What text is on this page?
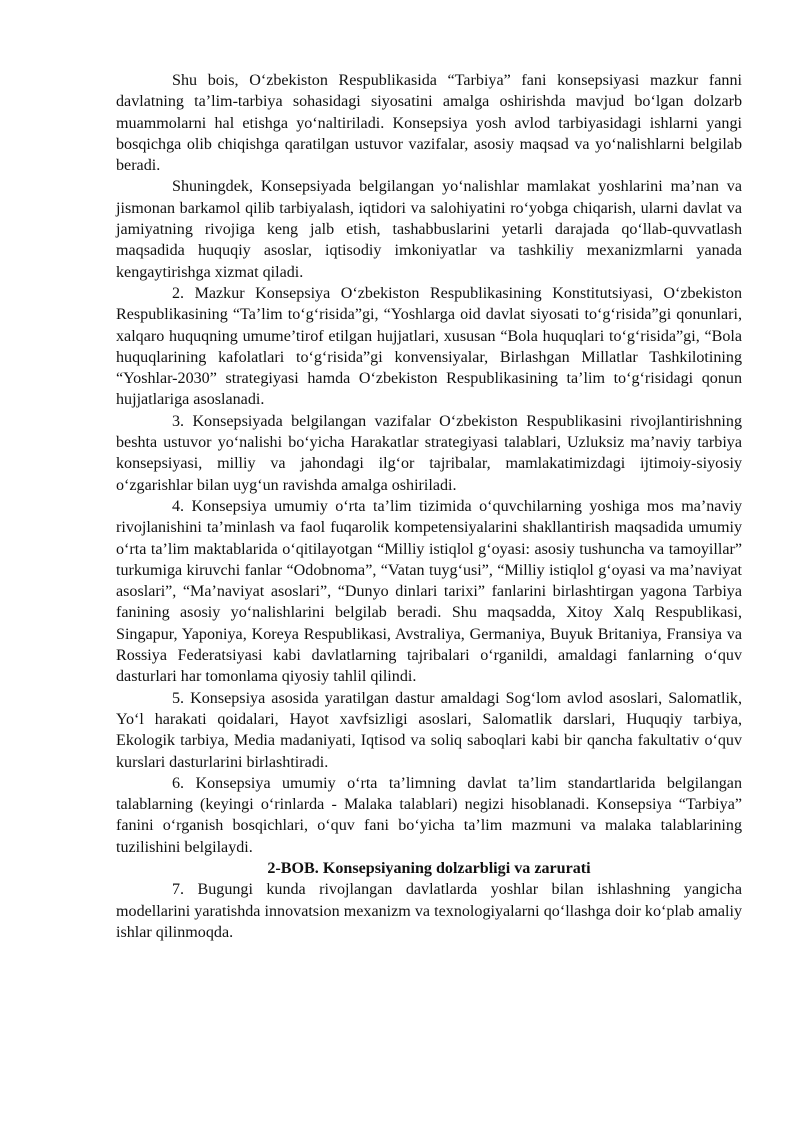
Shu bois, O‘zbekiston Respublikasida “Tarbiya” fani konsepsiyasi mazkur fanni davlatning ta’lim-tarbiya sohasidagi siyosatini amalga oshirishda mavjud bo‘lgan dolzarb muammolarni hal etishga yo‘naltiriladi. Konsepsiya yosh avlod tarbiyasidagi ishlarni yangi bosqichga olib chiqishga qaratilgan ustuvor vazifalar, asosiy maqsad va yo‘nalishlarni belgilab beradi.

Shuningdek, Konsepsiyada belgilangan yo‘nalishlar mamlakat yoshlarini ma’nan va jismonan barkamol qilib tarbiyalash, iqtidori va salohiyatini ro‘yobga chiqarish, ularni davlat va jamiyatning rivojiga keng jalb etish, tashabbuslarini yetarli darajada qo‘llab-quvvatlash maqsadida huquqiy asoslar, iqtisodiy imkoniyatlar va tashkiliy mexanizmlarni yanada kengaytirishga xizmat qiladi.

2. Mazkur Konsepsiya O‘zbekiston Respublikasining Konstitutsiyasi, O‘zbekiston Respublikasining “Ta’lim to‘g‘risida”gi, “Yoshlarga oid davlat siyosati to‘g‘risida”gi qonunlari, xalqaro huquqning umume’tirof etilgan hujjatlari, xususan “Bola huquqlari to‘g‘risida”gi, “Bola huquqlarining kafolatlari to‘g‘risida”gi konvensiyalar, Birlashgan Millatlar Tashkilotining “Yoshlar-2030” strategiyasi hamda O‘zbekiston Respublikasining ta’lim to‘g‘risidagi qonun hujjatlariga asoslanadi.

3. Konsepsiyada belgilangan vazifalar O‘zbekiston Respublikasini rivojlantirishning beshta ustuvor yo‘nalishi bo‘yicha Harakatlar strategiyasi talablari, Uzluksiz ma’naviy tarbiya konsepsiyasi, milliy va jahondagi ilg‘or tajribalar, mamlakatimizdagi ijtimoiy-siyosiy o‘zgarishlar bilan uyg‘un ravishda amalga oshiriladi.

4. Konsepsiya umumiy o‘rta ta’lim tizimida o‘quvchilarning yoshiga mos ma’naviy rivojlanishini ta’minlash va faol fuqarolik kompetensiyalarini shakllantirish maqsadida umumiy o‘rta ta’lim maktablarida o‘qitilayotgan “Milliy istiqlol g‘oyasi: asosiy tushuncha va tamoyillar” turkumiga kiruvchi fanlar “Odobnoma”, “Vatan tuyg‘usi”, “Milliy istiqlol g‘oyasi va ma’naviyat asoslari”, “Ma’naviyat asoslari”, “Dunyo dinlari tarixi” fanlarini birlashtirgan yagona Tarbiya fanining asosiy yo‘nalishlarini belgilab beradi. Shu maqsadda, Xitoy Xalq Respublikasi, Singapur, Yaponiya, Koreya Respublikasi, Avstraliya, Germaniya, Buyuk Britaniya, Fransiya va Rossiya Federatsiyasi kabi davlatlarning tajribalari o‘rganildi, amaldagi fanlarning o‘quv dasturlari har tomonlama qiyosiy tahlil qilindi.

5. Konsepsiya asosida yaratilgan dastur amaldagi Sog‘lom avlod asoslari, Salomatlik, Yo‘l harakati qoidalari, Hayot xavfsizligi asoslari, Salomatlik darslari, Huquqiy tarbiya, Ekologik tarbiya, Media madaniyati, Iqtisod va soliq saboqlari kabi bir qancha fakultativ o‘quv kurslari dasturlarini birlashtiradi.

6. Konsepsiya umumiy o‘rta ta’limning davlat ta’lim standartlarida belgilangan talablarning (keyingi o‘rinlarda - Malaka talablari) negizi hisoblanadi. Konsepsiya “Tarbiya” fanini o‘rganish bosqichlari, o‘quv fani bo‘yicha ta’lim mazmuni va malaka talablarining tuzilishini belgilaydi.

2-BOB. Konsepsiyaning dolzarbligi va zarurati

7. Bugungi kunda rivojlangan davlatlarda yoshlar bilan ishlashning yangicha modellarini yaratishda innovatsion mexanizm va texnologiyalarni qo‘llashga doir ko‘plab amaliy ishlar qilinmoqda.
